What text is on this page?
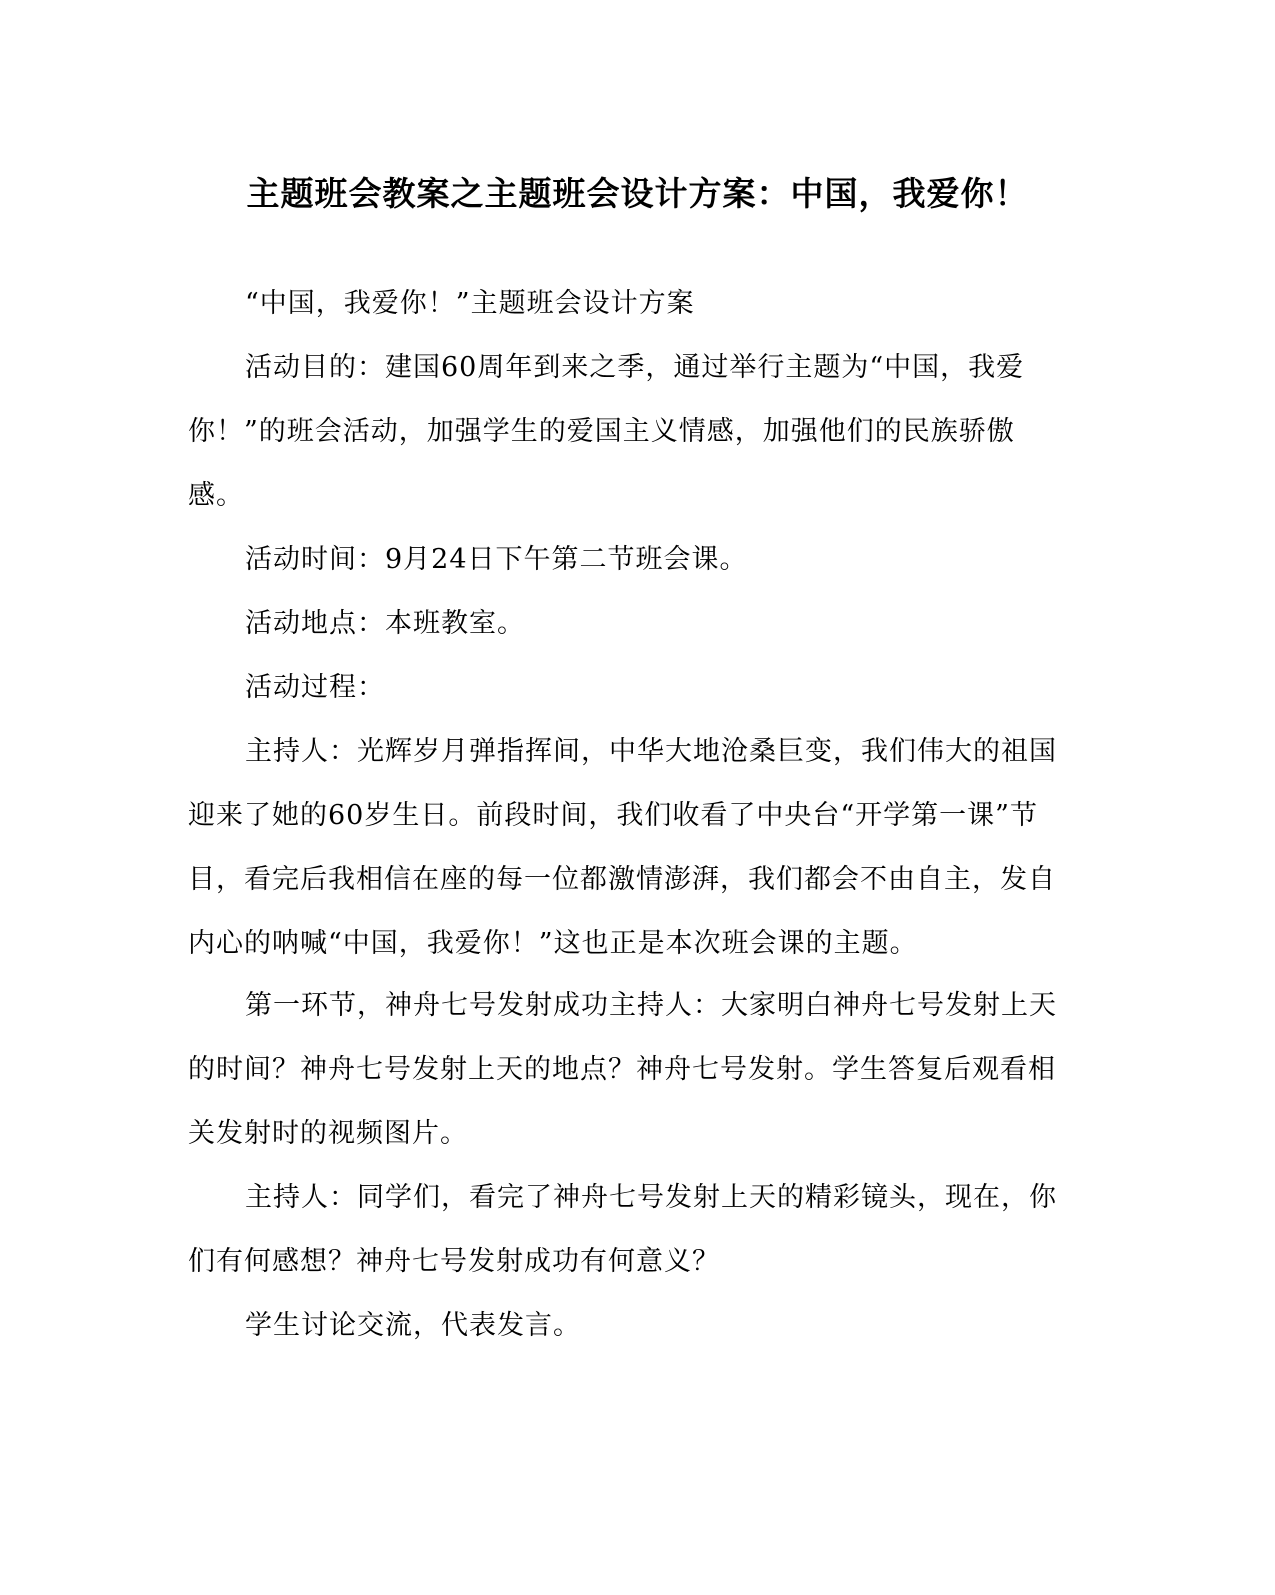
主题班会教案之主题班会设计方案：中国，我爱你！

“中国，我爱你！”主题班会设计方案

活动目的：建国60周年到来之季，通过举行主题为“中国，我爱你！”的班会活动，加强学生的爱国主义情感，加强他们的民族骄傲感。

活动时间：9月24日下午第二节班会课。

活动地点：本班教室。

活动过程：

主持人：光辉岁月弹指挥间，中华大地沧桑巨变，我们伟大的祖国迎来了她的60岁生日。前段时间，我们收看了中央台“开学第一课”节目，看完后我相信在座的每一位都激情澎湃，我们都会不由自主，发自内心的呐喊“中国，我爱你！”这也正是本次班会课的主题。

第一环节，神舟七号发射成功主持人：大家明白神舟七号发射上天的时间？神舟七号发射上天的地点？神舟七号发射。学生答复后观看相关发射时的视频图片。

主持人：同学们，看完了神舟七号发射上天的精彩镜头，现在，你们有何感想？神舟七号发射成功有何意义？

学生讨论交流，代表发言。
